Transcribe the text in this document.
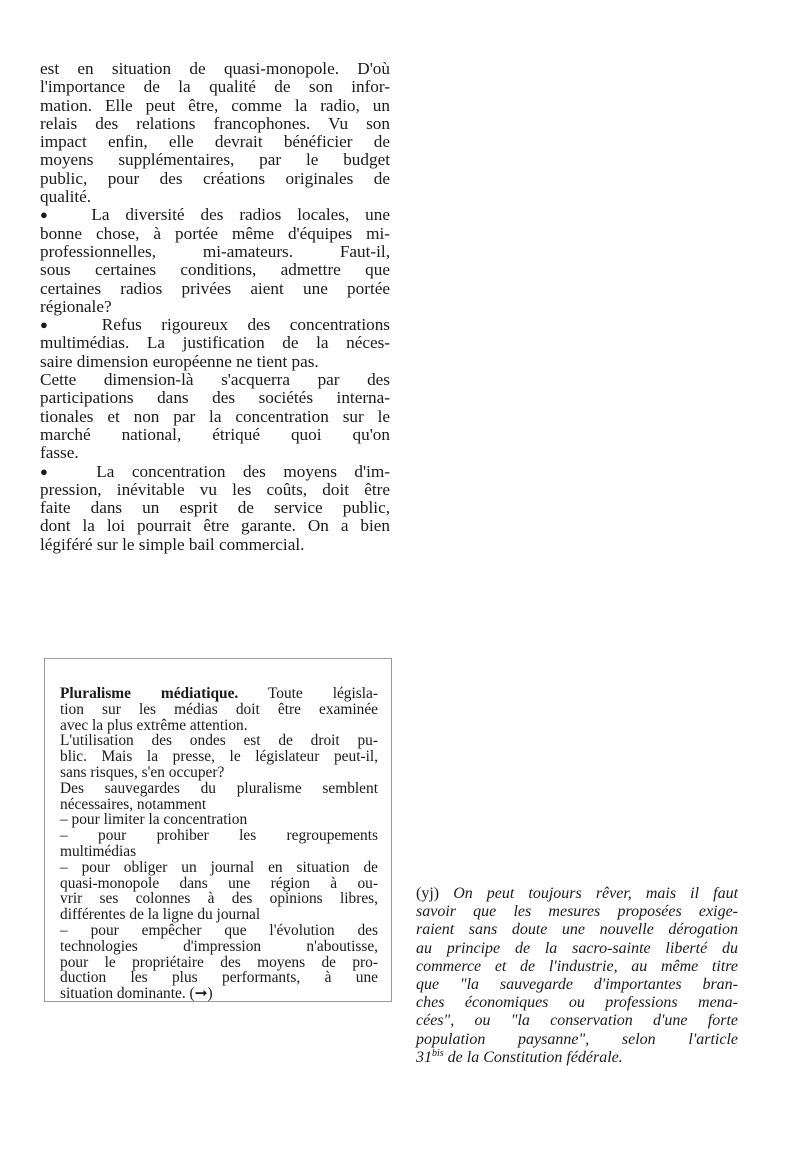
est en situation de quasi-monopole. D'où
l'importance de la qualité de son infor-
mation. Elle peut être, comme la radio, un
relais des relations francophones. Vu son
impact enfin, elle devrait bénéficier de
moyens supplémentaires, par le budget
public, pour des créations originales de
qualité.
● La diversité des radios locales, une
bonne chose, à portée même d'équipes mi-
professionnelles, mi-amateurs. Faut-il,
sous certaines conditions, admettre que
certaines radios privées aient une portée
régionale?
● Refus rigoureux des concentrations
multimédias. La justification de la néces-
saire dimension européenne ne tient pas.
Cette dimension-là s'acquerra par des
participations dans des sociétés interna-
tionales et non par la concentration sur le
marché national, étriqué quoi qu'on
fasse.
● La concentration des moyens d'im-
pression, inévitable vu les coûts, doit être
faite dans un esprit de service public,
dont la loi pourrait être garante. On a bien
légiféré sur le simple bail commercial.
Pluralisme médiatique. Toute législa-
tion sur les médias doit être examinée
avec la plus extrême attention.
L'utilisation des ondes est de droit pu-
blic. Mais la presse, le législateur peut-il,
sans risques, s'en occuper?
Des sauvegardes du pluralisme semblent
nécessaires, notamment
– pour limiter la concentration
– pour prohiber les regroupements
multimédias
– pour obliger un journal en situation de
quasi-monopole dans une région à ou-
vrir ses colonnes à des opinions libres,
différentes de la ligne du journal
– pour empêcher que l'évolution des
technologies d'impression n'aboutisse,
pour le propriétaire des moyens de pro-
duction les plus performants, à une
situation dominante. (➞)
(yj) On peut toujours rêver, mais il faut
savoir que les mesures proposées exige-
raient sans doute une nouvelle dérogation
au principe de la sacro-sainte liberté du
commerce et de l'industrie, au même titre
que "la sauvegarde d'importantes bran-
ches économiques ou professions mena-
cées", ou "la conservation d'une forte
population paysanne", selon l'article
$31^{bis}$ de la Constitution fédérale.
